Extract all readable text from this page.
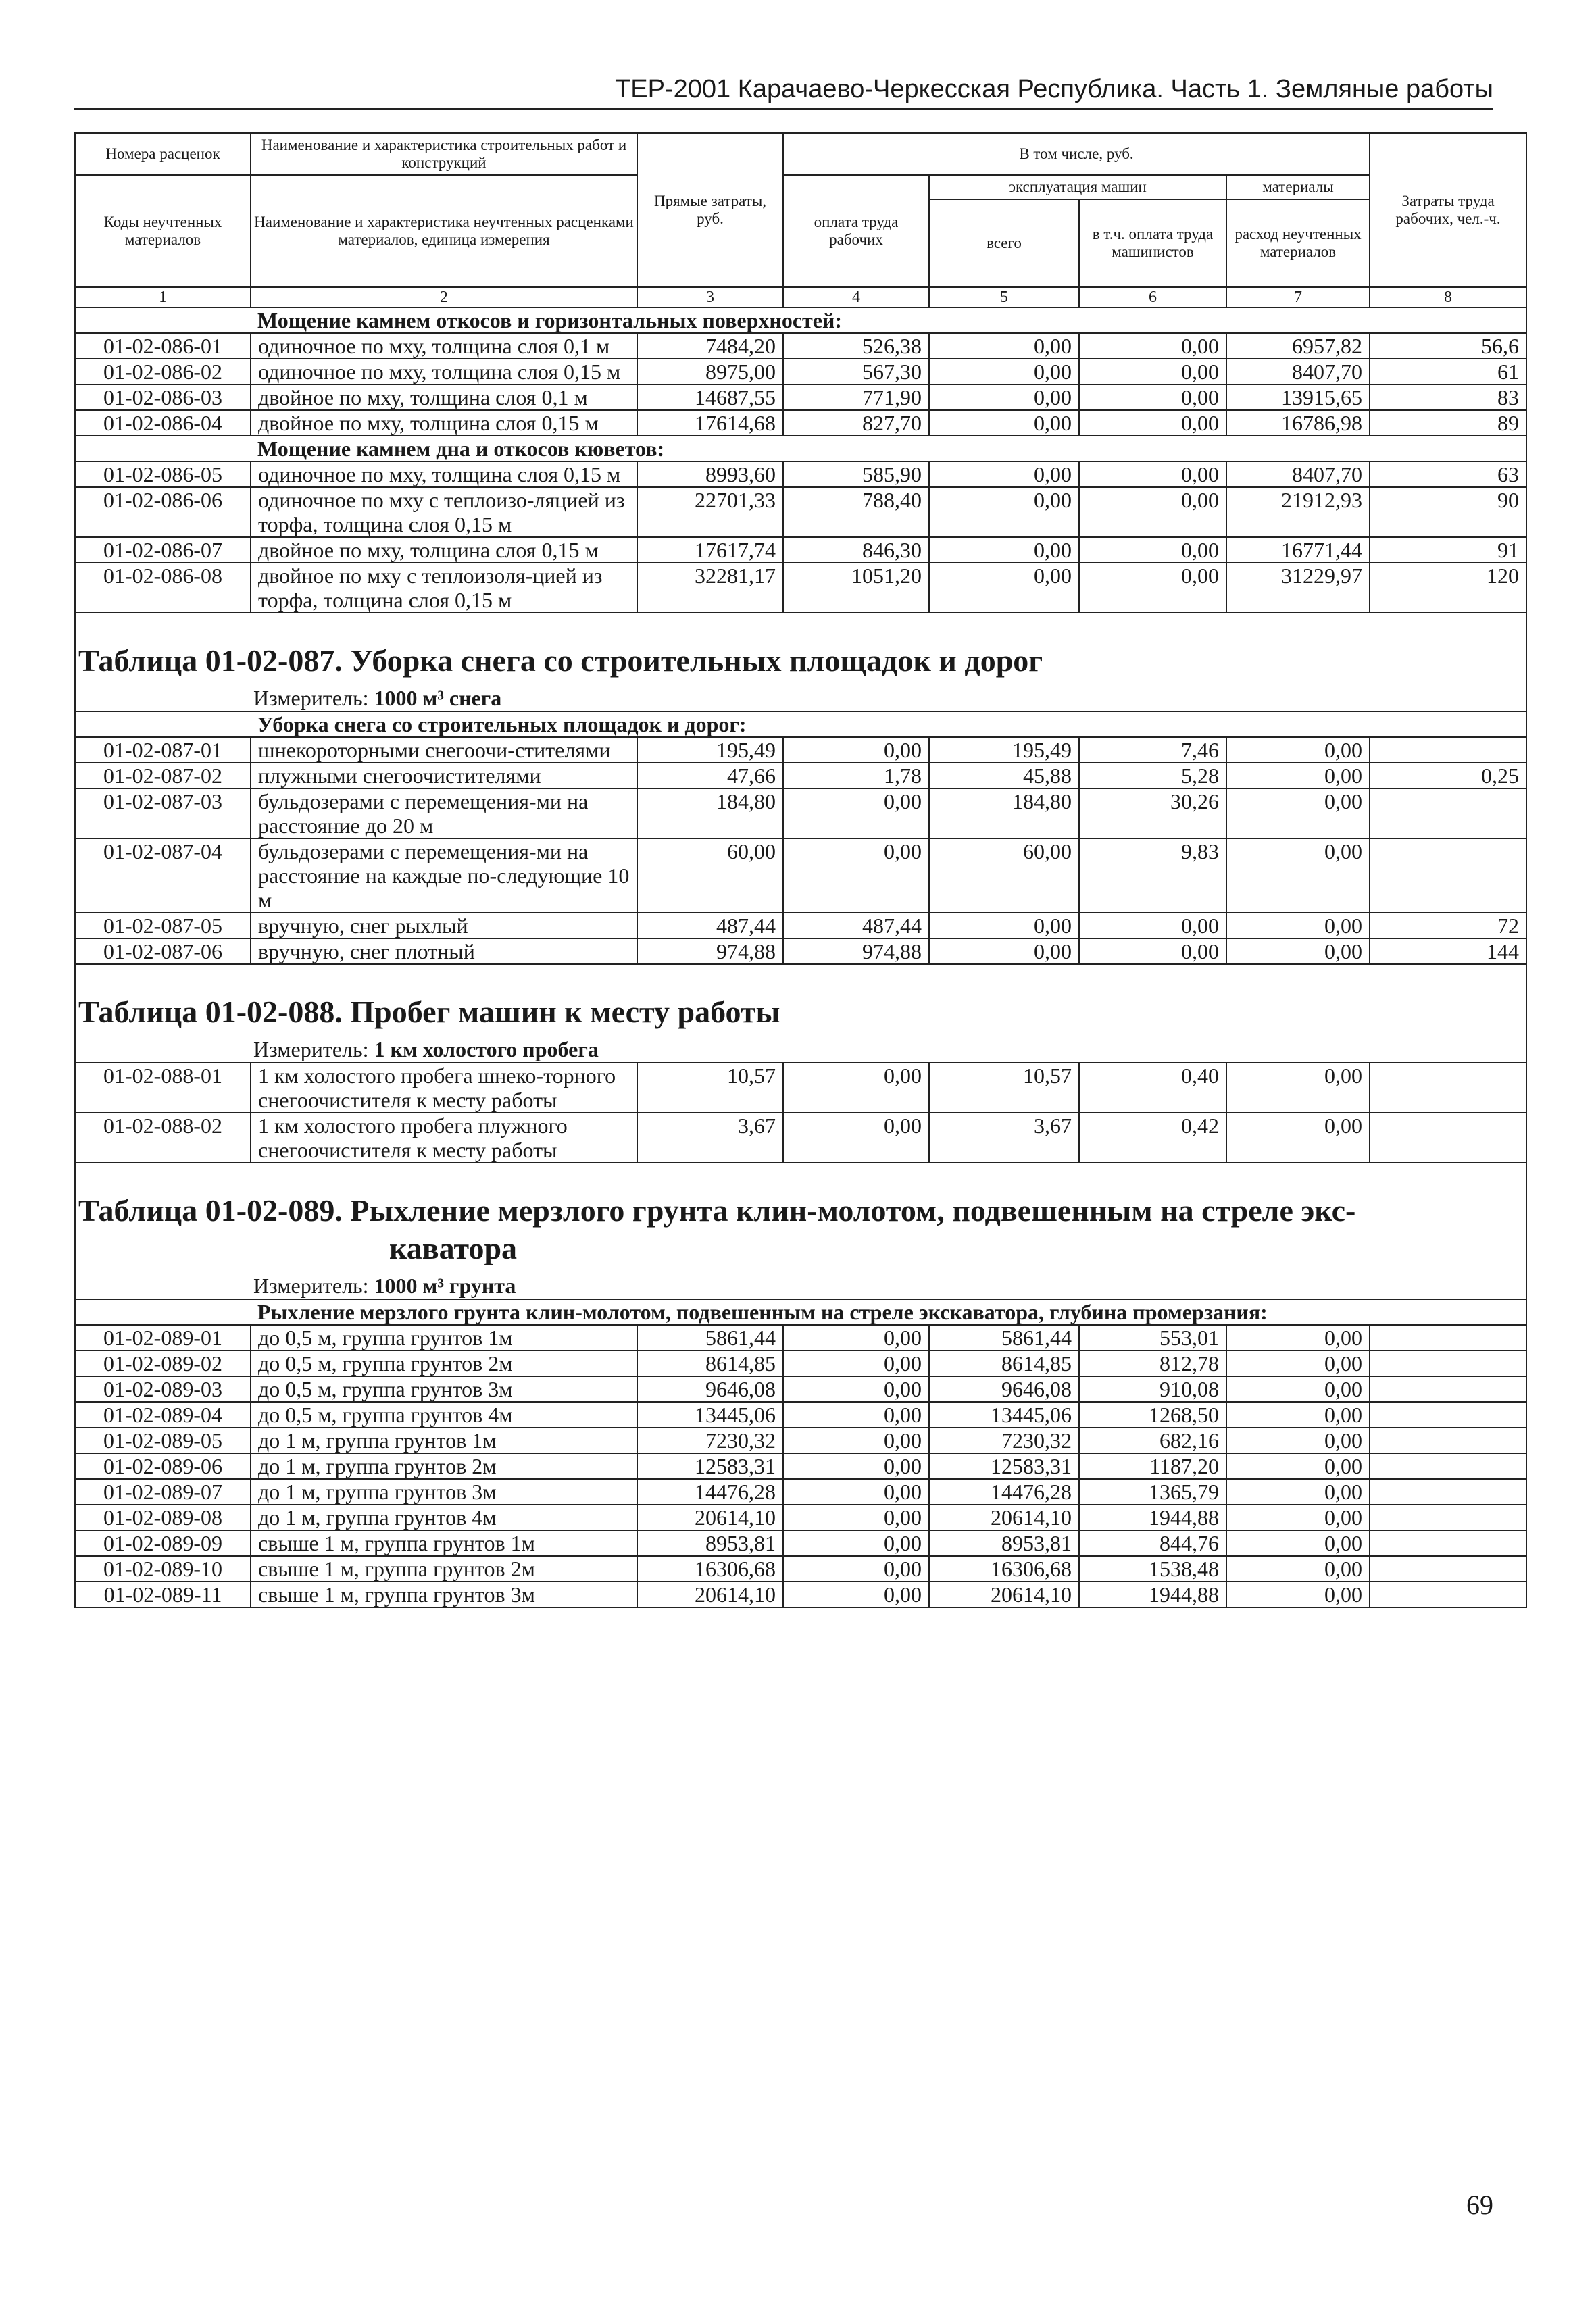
ТЕР-2001 Карачаево-Черкесская Республика. Часть 1. Земляные работы
Номера расценок	Наименование и характеристика строительных работ и конструкций	Прямые затраты, руб.	В том числе, руб.				Затраты труда рабочих, чел.-ч.
Коды неучтенных материалов	Наименование и характеристика неучтенных расценками материалов, единица измерения		оплата труда рабочих	эксплуатация машин		материалы	
				всего	в т.ч. оплата труда машинистов	расход неучтенных материалов	
1	2	3	4	5	6	7	8
	Мощение камнем откосов и горизонтальных поверхностей:						
01-02-086-01	одиночное по мху, толщина слоя 0,1 м	7484,20	526,38	0,00	0,00	6957,82	56,6
01-02-086-02	одиночное по мху, толщина слоя 0,15 м	8975,00	567,30	0,00	0,00	8407,70	61
01-02-086-03	двойное по мху, толщина слоя 0,1 м	14687,55	771,90	0,00	0,00	13915,65	83
01-02-086-04	двойное по мху, толщина слоя 0,15 м	17614,68	827,70	0,00	0,00	16786,98	89
	Мощение камнем дна и откосов кюветов:						
01-02-086-05	одиночное по мху, толщина слоя 0,15 м	8993,60	585,90	0,00	0,00	8407,70	63
01-02-086-06	одиночное по мху с теплоизо-ляцией из торфа, толщина слоя 0,15 м	22701,33	788,40	0,00	0,00	21912,93	90
01-02-086-07	двойное по мху, толщина слоя 0,15 м	17617,74	846,30	0,00	0,00	16771,44	91
01-02-086-08	двойное по мху с теплоизоля-цией из торфа, толщина слоя 0,15 м	32281,17	1051,20	0,00	0,00	31229,97	120

Таблица 01-02-087. Уборка снега со строительных площадок и дорог							
	Измеритель: 1000 м³ снега						
	Уборка снега со строительных площадок и дорог:						
01-02-087-01	шнекороторными снегоочи-стителями	195,49	0,00	195,49	7,46	0,00	
01-02-087-02	плужными снегоочистителями	47,66	1,78	45,88	5,28	0,00	0,25
01-02-087-03	бульдозерами с перемещения-ми на расстояние до 20 м	184,80	0,00	184,80	30,26	0,00	
01-02-087-04	бульдозерами с перемещения-ми на расстояние на каждые по-следующие 10 м	60,00	0,00	60,00	9,83	0,00	
01-02-087-05	вручную, снег рыхлый	487,44	487,44	0,00	0,00	0,00	72
01-02-087-06	вручную, снег плотный	974,88	974,88	0,00	0,00	0,00	144

Таблица 01-02-088. Пробег машин к месту работы							
	Измеритель: 1 км холостого пробега						
01-02-088-01	1 км холостого пробега шнеко-торного снегоочистителя к месту работы	10,57	0,00	10,57	0,40	0,00	
01-02-088-02	1 км холостого пробега плужного снегоочистителя к месту работы	3,67	0,00	3,67	0,42	0,00	

Таблица 01-02-089. Рыхление мерзлого грунта клин-молотом, подвешенным на стреле экс-
каватора							

	Измеритель: 1000 м³ грунта						
	Рыхление мерзлого грунта клин-молотом, подвешенным на стреле экскаватора, глубина промерзания:						
01-02-089-01	до 0,5 м, группа грунтов 1м	5861,44	0,00	5861,44	553,01	0,00	
01-02-089-02	до 0,5 м, группа грунтов 2м	8614,85	0,00	8614,85	812,78	0,00	
01-02-089-03	до 0,5 м, группа грунтов 3м	9646,08	0,00	9646,08	910,08	0,00	
01-02-089-04	до 0,5 м, группа грунтов 4м	13445,06	0,00	13445,06	1268,50	0,00	
01-02-089-05	до 1 м, группа грунтов 1м	7230,32	0,00	7230,32	682,16	0,00	
01-02-089-06	до 1 м, группа грунтов 2м	12583,31	0,00	12583,31	1187,20	0,00	
01-02-089-07	до 1 м, группа грунтов 3м	14476,28	0,00	14476,28	1365,79	0,00	
01-02-089-08	до 1 м, группа грунтов 4м	20614,10	0,00	20614,10	1944,88	0,00	
01-02-089-09	свыше 1 м, группа грунтов 1м	8953,81	0,00	8953,81	844,76	0,00	
01-02-089-10	свыше 1 м, группа грунтов 2м	16306,68	0,00	16306,68	1538,48	0,00	
01-02-089-11	свыше 1 м, группа грунтов 3м	20614,10	0,00	20614,10	1944,88	0,00	
69
